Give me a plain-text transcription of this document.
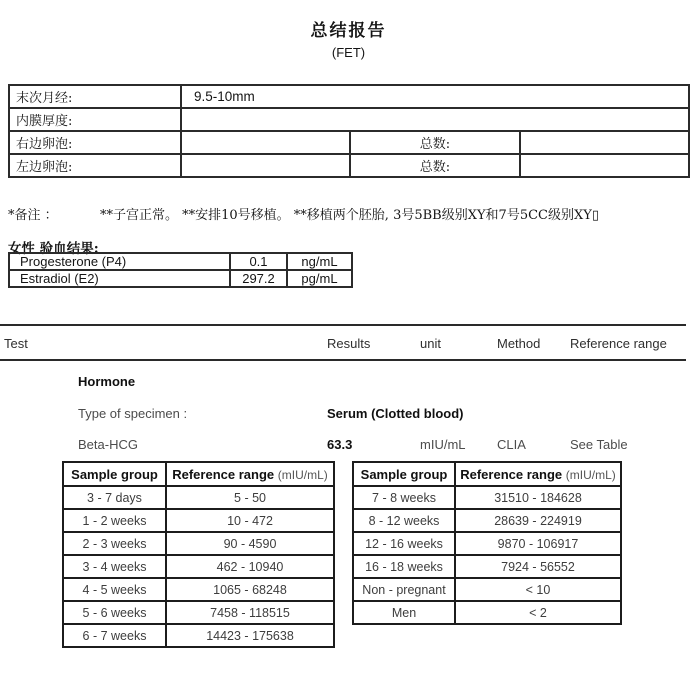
总结报告
(FET)
末次月经:	9.5-10mm		
内膜厚度:			
右边卵泡:		总数:	
左边卵泡:		总数:	
*备注 ：	**子宫正常。 **安排10号移植。 **移植两个胚胎, 3号5BB级别XY和7号5CC级别XY▯
女性 验血结果:
Progesterone (P4)	0.1	ng/mL
Estradiol (E2)	297.2	pg/mL
Test	Results	unit	Method Reference range
Hormone
Type of specimen :	Serum (Clotted blood)
Beta-HCG	63.3	mIU/mL CLIA	See Table
Sample group	Reference range (mIU/mL)
3 - 7 days	5 - 50
1 - 2 weeks	10 - 472
2 - 3 weeks	90 - 4590
3 - 4 weeks	462 - 10940
4 - 5 weeks	1065 - 68248
5 - 6 weeks	7458 - 118515
6 - 7 weeks	14423 - 175638
Sample group	Reference range (mIU/mL)
7 - 8 weeks	31510 - 184628
8 - 12 weeks	28639 - 224919
12 - 16 weeks	9870 - 106917
16 - 18 weeks	7924 - 56552
Non - pregnant	< 10
Men	< 2
